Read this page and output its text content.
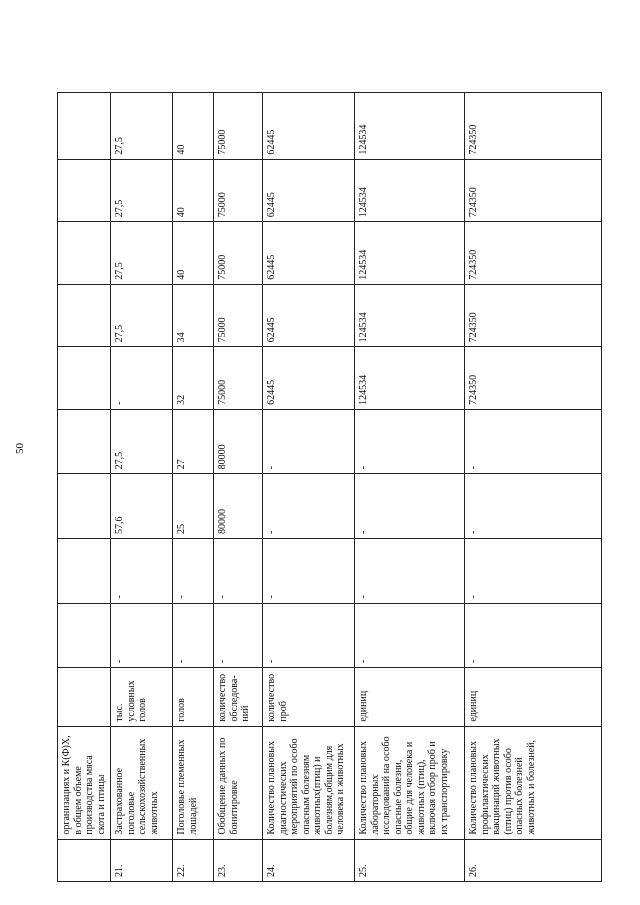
50
	организациях и К(Ф)Х, в общем объеме производства мяса скота и птицы										
21.	Застрахованное поголовье сельскохозяйственных животных	тыс. условных голов	-	-	57,6	27,5	-	27,5	27,5	27,5	27,5
22.	Поголовье племенных лошадей	голов	-	-	25	27	32	34	40	40	40
23.	Обобщение данных по бонитировке	количество обследова-ний	-	-	80000	80000	75000	75000	75000	75000	75000
24.	Количество плановых диагностических мероприятий по особо опасным болезням животных(птиц) и болезням,общим для человека и животных	количество проб	-	-	-	-	62445	62445	62445	62445	62445
25.	Количество плановых лабораторных исследований на особо опасные болезни, общие для человека и животных (птиц), включая отбор проб и их транспортировку	единиц	-	-	-	-	124534	124534	124534	124534	124534
26.	Количество плановых профилактических вакцинаций животных (птиц) против особо опасных болезней животных и болезней,	единиц	-	-	-	-	724350	724350	724350	724350	724350
